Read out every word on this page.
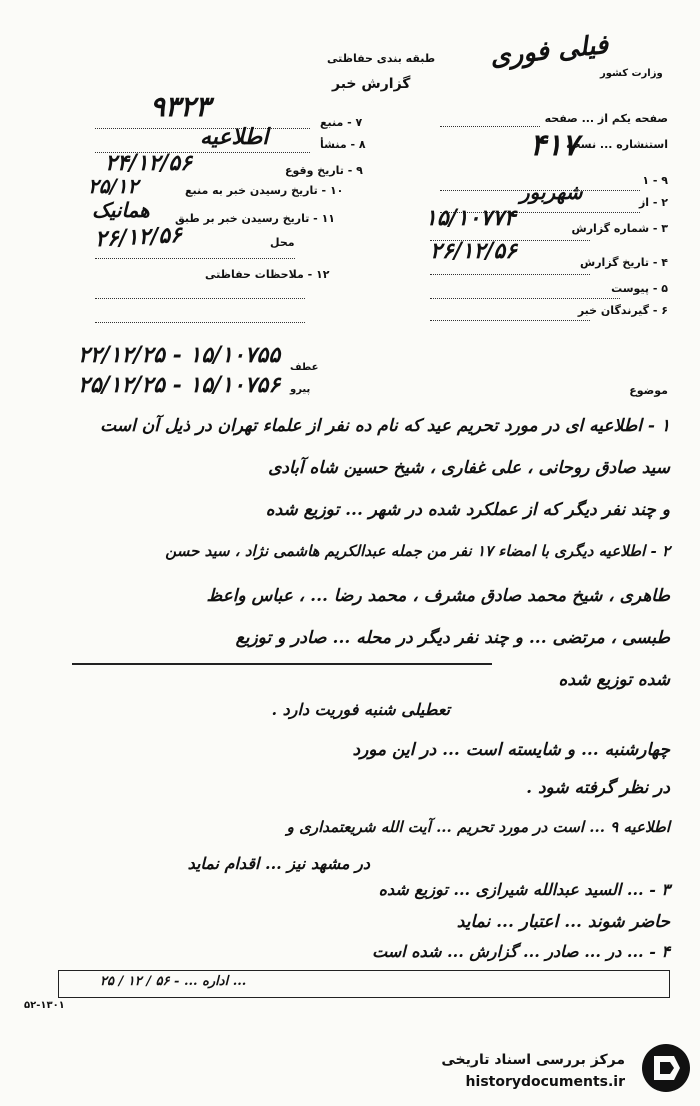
فیلی فوری
وزارت کشور
طبقه بندی حفاظتی
گزارش خبر
۹۳۲۳	صفحه یکم از ... صفحه
استنشاره ... نسخه
۴۱۷
۱ - ۹
۲ - از
شهربور
۳ - شماره گزارش
۱۵/۱۰۷۷۴
۴ - تاریخ گزارش
۲۶/۱۲/۵۶
۵ - پیوست
۶ - گیرندگان خبر
۷ - منبع
۸ - منشأ
اطلاعیه
۹ - تاریخ وقوع
۲۴/۱۲/۵۶
۱۰ - تاریخ رسیدن خبر به منبع
۲۵/۱۲
۱۱ - تاریخ رسیدن خبر بر طبق
همانیک
محل
۲۶/۱۲/۵۶
۱۲ - ملاحظات حفاظتی
عطف
۲۲/۱۲/۲۵ - ۱۵/۱۰۷۵۵
پیرو
۲۵/۱۲/۲۵ - ۱۵/۱۰۷۵۶	موضوع
۱ - اطلاعیه ای در مورد تحریم عید که نام ده نفر از علماء تهران در ذیل آن است
سید صادق روحانی ، علی غفاری ، شیخ حسین شاه آبادی
و چند نفر دیگر که از عملکرد شده در شهر ... توزیع شده
۲ - اطلاعیه دیگری با امضاء ۱۷ نفر من جمله عبدالکریم هاشمی نژاد ، سید حسن
طاهری ، شیخ محمد صادق مشرف ، محمد رضا ... ، عباس واعظ
طبسی ، مرتضی ... و چند نفر دیگر در محله ... صادر و توزیع
شده توزیع شده
تعطیلی شنبه فوریت دارد .
چهارشنبه ... و شایسته است ... در این مورد
در نظر گرفته شود .
اطلاعیه ۹ ... است در مورد تحریم ... آیت الله شریعتمداری و
در مشهد نیز ... اقدام نماید
۳ - ... السید عبدالله شیرازی ... توزیع شده
حاضر شوند ... اعتبار ... نماید
۴ - ... در ... صادر ... گزارش ... شده است
... اداره ... - ۵۶ / ۱۲ / ۲۵
۵۲-۱۳۰۱
مرکز بررسی اسناد تاریخی
historydocuments.ir
